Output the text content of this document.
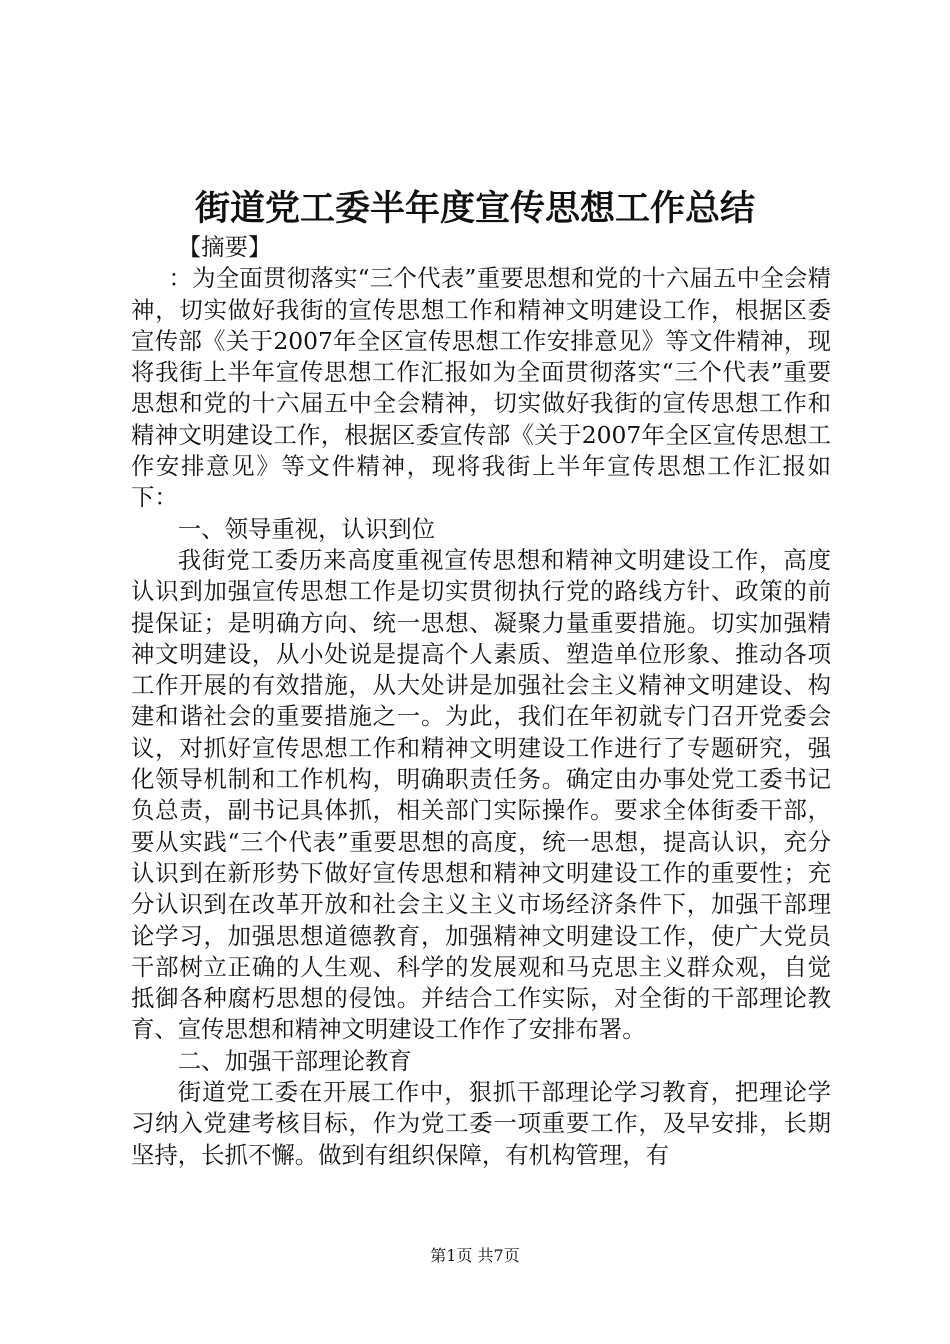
街道党工委半年度宣传思想工作总结

【摘要】

：为全面贯彻落实“三个代表”重要思想和党的十六届五中全会精神，切实做好我街的宣传思想工作和精神文明建设工作，根据区委宣传部《关于2007年全区宣传思想工作安排意见》等文件精神，现将我街上半年宣传思想工作汇报如为全面贯彻落实“三个代表”重要思想和党的十六届五中全会精神，切实做好我街的宣传思想工作和精神文明建设工作，根据区委宣传部《关于2007年全区宣传思想工作安排意见》等文件精神，现将我街上半年宣传思想工作汇报如下：

一、领导重视，认识到位

我街党工委历来高度重视宣传思想和精神文明建设工作，高度认识到加强宣传思想工作是切实贯彻执行党的路线方针、政策的前提保证；是明确方向、统一思想、凝聚力量重要措施。切实加强精神文明建设，从小处说是提高个人素质、塑造单位形象、推动各项工作开展的有效措施，从大处讲是加强社会主义精神文明建设、构建和谐社会的重要措施之一。为此，我们在年初就专门召开党委会议，对抓好宣传思想工作和精神文明建设工作进行了专题研究，强化领导机制和工作机构，明确职责任务。确定由办事处党工委书记负总责，副书记具体抓，相关部门实际操作。要求全体街委干部，要从实践“三个代表”重要思想的高度，统一思想，提高认识，充分认识到在新形势下做好宣传思想和精神文明建设工作的重要性；充分认识到在改革开放和社会主义主义市场经济条件下，加强干部理论学习，加强思想道德教育，加强精神文明建设工作，使广大党员干部树立正确的人生观、科学的发展观和马克思主义群众观，自觉抵御各种腐朽思想的侵蚀。并结合工作实际，对全街的干部理论教育、宣传思想和精神文明建设工作作了安排布署。

二、加强干部理论教育

街道党工委在开展工作中，狠抓干部理论学习教育，把理论学习纳入党建考核目标，作为党工委一项重要工作，及早安排，长期坚持，长抓不懈。做到有组织保障，有机构管理，有

第1页 共7页
